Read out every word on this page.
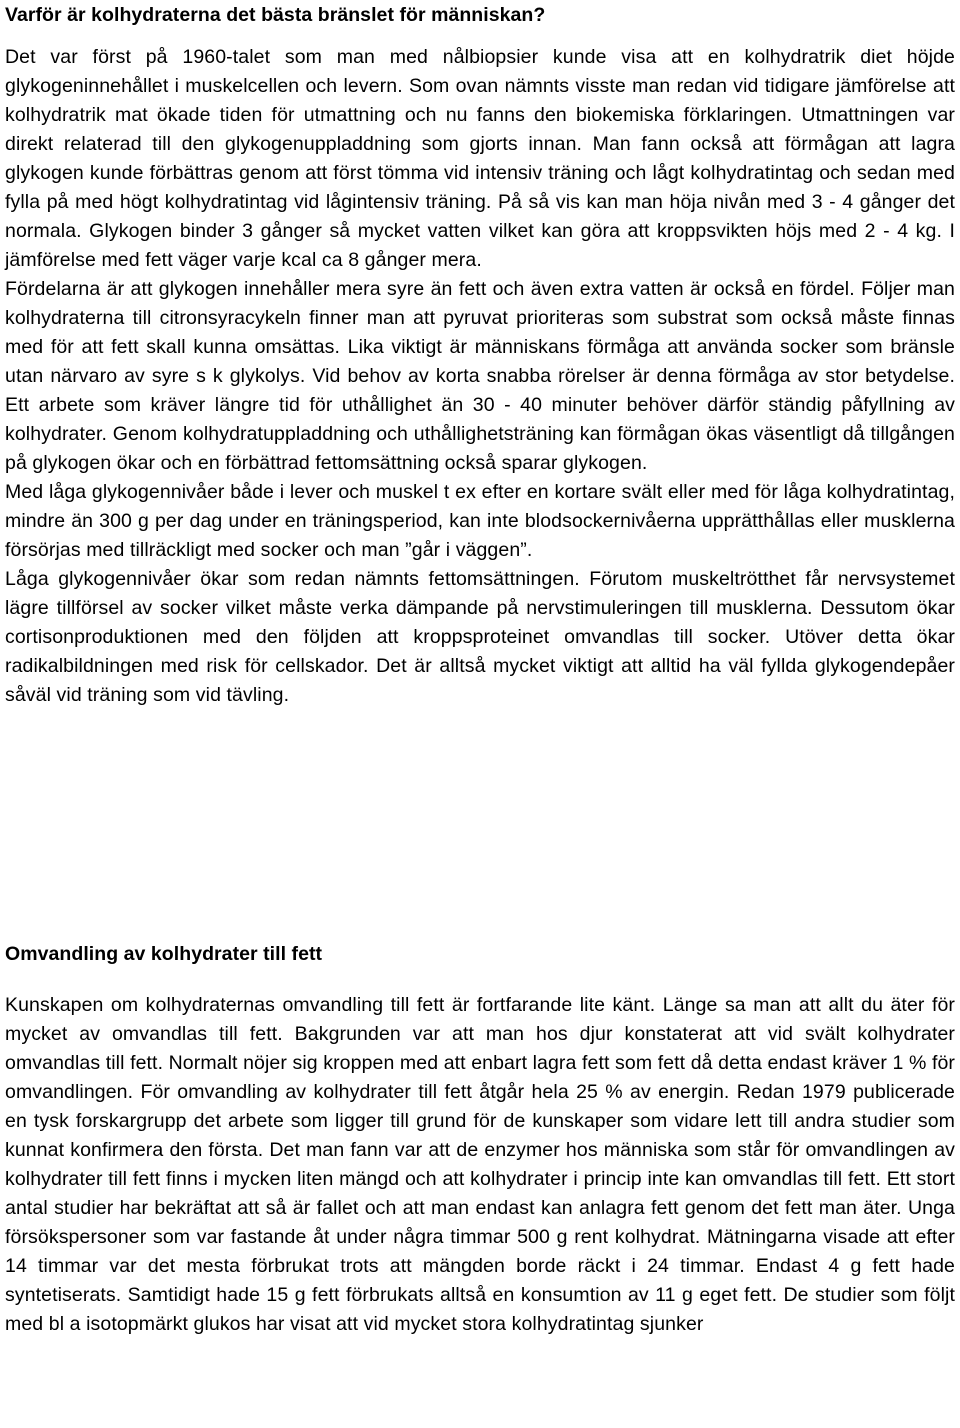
Varför är kolhydraterna det bästa bränslet för människan?

Det var först på 1960-talet som man med nålbiopsier kunde visa att en kolhydratrik diet höjde glykogeninnehållet i muskelcellen och levern. Som ovan nämnts visste man redan vid tidigare jämförelse att kolhydratrik mat ökade tiden för utmattning och nu fanns den biokemiska förklaringen. Utmattningen var direkt relaterad till den glykogenuppladdning som gjorts innan. Man fann också att förmågan att lagra glykogen kunde förbättras genom att först tömma vid intensiv träning och lågt kolhydratintag och sedan med fylla på med högt kolhydratintag vid lågintensiv träning. På så vis kan man höja nivån med 3 - 4 gånger det normala. Glykogen binder 3 gånger så mycket vatten vilket kan göra att kroppsvikten höjs med 2 - 4 kg. I jämförelse med fett väger varje kcal ca 8 gånger mera.

Fördelarna är att glykogen innehåller mera syre än fett och även extra vatten är också en fördel. Följer man kolhydraterna till citronsyracykeln finner man att pyruvat prioriteras som substrat som också måste finnas med för att fett skall kunna omsättas. Lika viktigt är människans förmåga att använda socker som bränsle utan närvaro av syre s k glykolys. Vid behov av korta snabba rörelser är denna förmåga av stor betydelse. Ett arbete som kräver längre tid för uthållighet än 30 - 40 minuter behöver därför ständig påfyllning av kolhydrater. Genom kolhydratuppladdning och uthållighetsträning kan förmågan ökas väsentligt då tillgången på glykogen ökar och en förbättrad fettomsättning också sparar glykogen.

Med låga glykogennivåer både i lever och muskel t ex efter en kortare svält eller med för låga kolhydratintag, mindre än 300 g per dag under en träningsperiod, kan inte blodsockernivåerna upprätthållas eller musklerna försörjas med tillräckligt med socker och man ”går i väggen”.

Låga glykogennivåer ökar som redan nämnts fettomsättningen. Förutom muskeltrötthet får nervsystemet lägre tillförsel av socker vilket måste verka dämpande på nervstimuleringen till musklerna. Dessutom ökar cortisonproduktionen med den följden att kroppsproteinet omvandlas till socker. Utöver detta ökar radikalbildningen med risk för cellskador. Det är alltså mycket viktigt att alltid ha väl fyllda glykogendepåer såväl vid träning som vid tävling.

Omvandling av kolhydrater till fett

Kunskapen om kolhydraternas omvandling till fett är fortfarande lite känt. Länge sa man att allt du äter för mycket av omvandlas till fett. Bakgrunden var att man hos djur konstaterat att vid svält kolhydrater omvandlas till fett. Normalt nöjer sig kroppen med att enbart lagra fett som fett då detta endast kräver 1 % för omvandlingen. För omvandling av kolhydrater till fett åtgår hela 25 % av energin. Redan 1979 publicerade en tysk forskargrupp det arbete som ligger till grund för de kunskaper som vidare lett till andra studier som kunnat konfirmera den första. Det man fann var att de enzymer hos människa som står för omvandlingen av kolhydrater till fett finns i mycken liten mängd och att kolhydrater i princip inte kan omvandlas till fett. Ett stort antal studier har bekräftat att så är fallet och att man endast kan anlagra fett genom det fett man äter. Unga försökspersoner som var fastande åt under några timmar 500 g rent kolhydrat. Mätningarna visade att efter 14 timmar var det mesta förbrukat trots att mängden borde räckt i 24 timmar. Endast 4 g fett hade syntetiserats. Samtidigt hade 15 g fett förbrukats alltså en konsumtion av 11 g eget fett. De studier som följt med bl a isotopmärkt glukos har visat att vid mycket stora kolhydratintag sjunker
